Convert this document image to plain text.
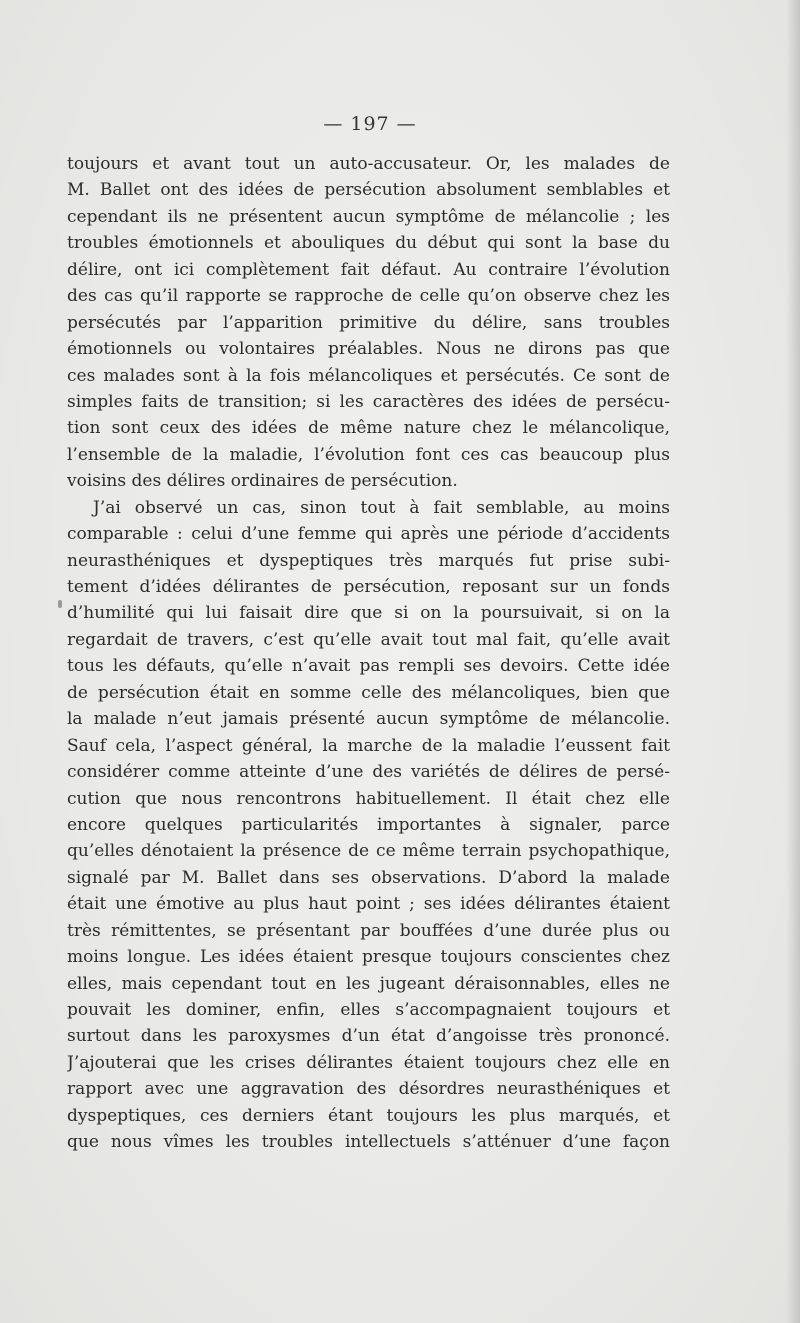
— 197 —
toujours et avant tout un auto-accusateur. Or, les malades de
M. Ballet ont des idées de persécution absolument semblables et
cependant ils ne présentent aucun symptôme de mélancolie ; les
troubles émotionnels et abouliques du début qui sont la base du
délire, ont ici complètement fait défaut. Au contraire l’évolution
des cas qu’il rapporte se rapproche de celle qu’on observe chez les
persécutés par l’apparition primitive du délire, sans troubles
émotionnels ou volontaires préalables. Nous ne dirons pas que
ces malades sont à la fois mélancoliques et persécutés. Ce sont de
simples faits de transition; si les caractères des idées de persécu-
tion sont ceux des idées de même nature chez le mélancolique,
l’ensemble de la maladie, l’évolution font ces cas beaucoup plus
voisins des délires ordinaires de persécution.
J’ai observé un cas, sinon tout à fait semblable, au moins
comparable : celui d’une femme qui après une période d’accidents
neurasthéniques et dyspeptiques très marqués fut prise subi-
tement d’idées délirantes de persécution, reposant sur un fonds
d’humilité qui lui faisait dire que si on la poursuivait, si on la
regardait de travers, c’est qu’elle avait tout mal fait, qu’elle avait
tous les défauts, qu’elle n’avait pas rempli ses devoirs. Cette idée
de persécution était en somme celle des mélancoliques, bien que
la malade n’eut jamais présenté aucun symptôme de mélancolie.
Sauf cela, l’aspect général, la marche de la maladie l’eussent fait
considérer comme atteinte d’une des variétés de délires de persé-
cution que nous rencontrons habituellement. Il était chez elle
encore quelques particularités importantes à signaler, parce
qu’elles dénotaient la présence de ce même terrain psychopathique,
signalé par M. Ballet dans ses observations. D’abord la malade
était une émotive au plus haut point ; ses idées délirantes étaient
très rémittentes, se présentant par bouffées d’une durée plus ou
moins longue. Les idées étaient presque toujours conscientes chez
elles, mais cependant tout en les jugeant déraisonnables, elles ne
pouvait les dominer, enfin, elles s’accompagnaient toujours et
surtout dans les paroxysmes d’un état d’angoisse très prononcé.
J’ajouterai que les crises délirantes étaient toujours chez elle en
rapport avec une aggravation des désordres neurasthéniques et
dyspeptiques, ces derniers étant toujours les plus marqués, et
que nous vîmes les troubles intellectuels s’atténuer d’une façon
